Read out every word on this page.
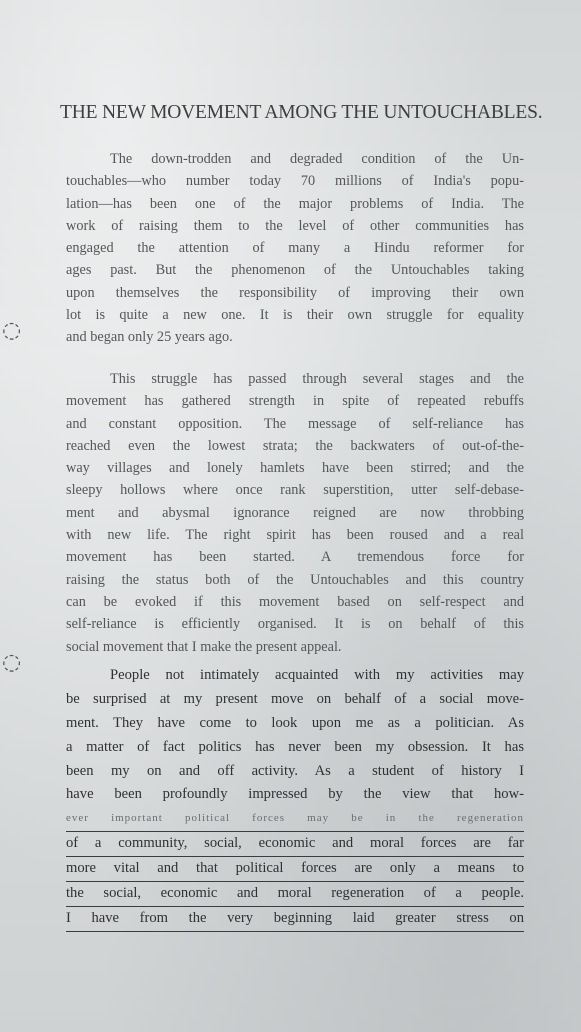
THE NEW MOVEMENT AMONG THE UNTOUCHABLES.
The down-trodden and degraded condition of the Un-
touchables—who number today 70 millions of India's popu-
lation—has been one of the major problems of India. The
work of raising them to the level of other communities has
engaged the attention of many a Hindu reformer for
ages past. But the phenomenon of the Untouchables taking
upon themselves the responsibility of improving their own
lot is quite a new one. It is their own struggle for equality
and began only 25 years ago.
This struggle has passed through several stages and the
movement has gathered strength in spite of repeated rebuffs
and constant opposition. The message of self-reliance has
reached even the lowest strata; the backwaters of out-of-the-
way villages and lonely hamlets have been stirred; and the
sleepy hollows where once rank superstition, utter self-debase-
ment and abysmal ignorance reigned are now throbbing
with new life. The right spirit has been roused and a real
movement has been started. A tremendous force for
raising the status both of the Untouchables and this country
can be evoked if this movement based on self-respect and
self-reliance is efficiently organised. It is on behalf of this
social movement that I make the present appeal.
People not intimately acquainted with my activities may
be surprised at my present move on behalf of a social move-
ment. They have come to look upon me as a politician. As
a matter of fact politics has never been my obsession. It has
been my on and off activity. As a student of history I
have been profoundly impressed by the view that how-
ever important political forces may be in the regeneration
of a community, social, economic and moral forces are far
more vital and that political forces are only a means to
the social, economic and moral regeneration of a people.
I have from the very beginning laid greater stress on
◌
◌
